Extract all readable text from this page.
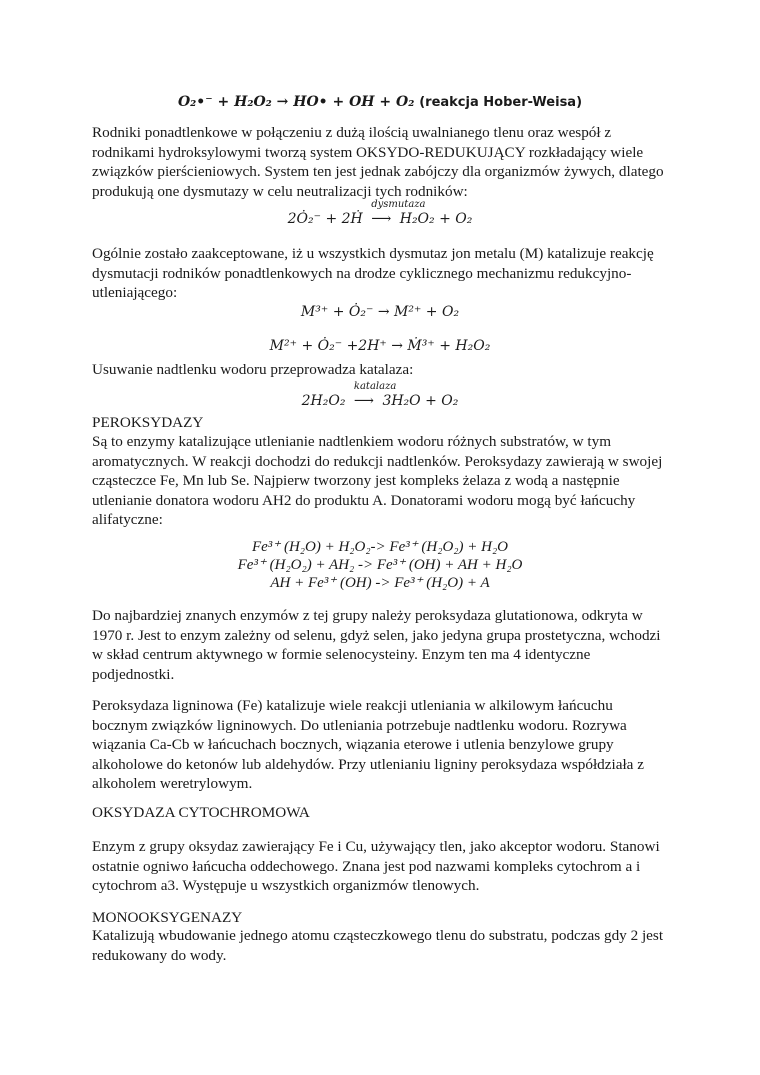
O₂•⁻ + H₂O₂ → HO• + OH + O₂ (reakcja Hober-Weisa)

Rodniki ponadtlenkowe w połączeniu z dużą ilością uwalnianego tlenu oraz wespół z rodnikami hydroksylowymi tworzą system OKSYDO-REDUKUJĄCY rozkładający wiele związków pierścieniowych. System ten jest jednak zabójczy dla organizmów żywych, dlatego produkują one dysmutazy w celu neutralizacji tych rodników:

2Ȯ₂⁻ + 2Ḣ
dysmutaza
⟶ H₂O₂ + O₂

Ogólnie zostało zaakceptowane, iż u wszystkich dysmutaz jon metalu (M) katalizuje reakcję dysmutacji rodników ponadtlenkowych na drodze cyklicznego mechanizmu redukcyjno-utleniającego:

M³⁺ + Ȯ₂⁻ → M²⁺ + O₂
M²⁺ + Ȯ₂⁻ +2H⁺ → Ṁ³⁺ + H₂O₂

Usuwanie nadtlenku wodoru przeprowadza katalaza:

2H₂O₂
katalaza
⟶ 3H₂O + O₂

PEROKSYDAZY

Są to enzymy katalizujące utlenianie nadtlenkiem wodoru różnych substratów, w tym aromatycznych. W reakcji dochodzi do redukcji nadtlenków. Peroksydazy zawierają w swojej cząsteczce Fe, Mn lub Se. Najpierw tworzony jest kompleks żelaza z wodą a następnie utlenianie donatora wodoru AH2 do produktu A. Donatorami wodoru mogą być łańcuchy alifatyczne:

Fe³⁺ (H₂O) + H₂O₂-> Fe³⁺ (H₂O₂) + H₂O
Fe³⁺ (H₂O₂) + AH₂ -> Fe³⁺ (OH) + AH + H₂O
AH + Fe³⁺ (OH) -> Fe³⁺ (H₂O) + A

Do najbardziej znanych enzymów z tej grupy należy peroksydaza glutationowa, odkryta w 1970 r. Jest to enzym zależny od selenu, gdyż selen, jako jedyna grupa prostetyczna, wchodzi w skład centrum aktywnego w formie selenocysteiny. Enzym ten ma 4 identyczne podjednostki.

Peroksydaza ligninowa (Fe) katalizuje wiele reakcji utleniania w alkilowym łańcuchu bocznym związków ligninowych. Do utleniania potrzebuje nadtlenku wodoru. Rozrywa wiązania Ca-Cb w łańcuchach bocznych, wiązania eterowe i utlenia benzylowe grupy alkoholowe do ketonów lub aldehydów. Przy utlenianiu ligniny peroksydaza współdziała z alkoholem weretrylowym.

OKSYDAZA CYTOCHROMOWA

Enzym z grupy oksydaz zawierający Fe i Cu, używający tlen, jako akceptor wodoru. Stanowi ostatnie ogniwo łańcucha oddechowego. Znana jest pod nazwami kompleks cytochrom a i cytochrom a3. Występuje u wszystkich organizmów tlenowych.

MONOOKSYGENAZY

Katalizują wbudowanie jednego atomu cząsteczkowego tlenu do substratu, podczas gdy 2 jest redukowany do wody.
